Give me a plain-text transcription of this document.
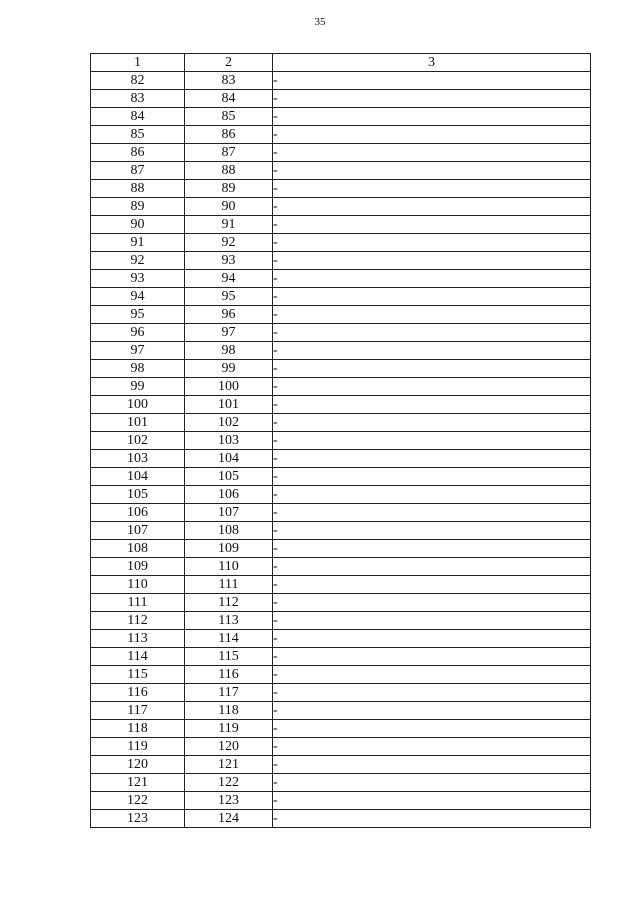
35
1	2	3
82	83	-
83	84	-
84	85	-
85	86	-
86	87	-
87	88	-
88	89	-
89	90	-
90	91	-
91	92	-
92	93	-
93	94	-
94	95	-
95	96	-
96	97	-
97	98	-
98	99	-
99	100	-
100	101	-
101	102	-
102	103	-
103	104	-
104	105	-
105	106	-
106	107	-
107	108	-
108	109	-
109	110	-
110	111	-
111	112	-
112	113	-
113	114	-
114	115	-
115	116	-
116	117	-
117	118	-
118	119	-
119	120	-
120	121	-
121	122	-
122	123	-
123	124	-
